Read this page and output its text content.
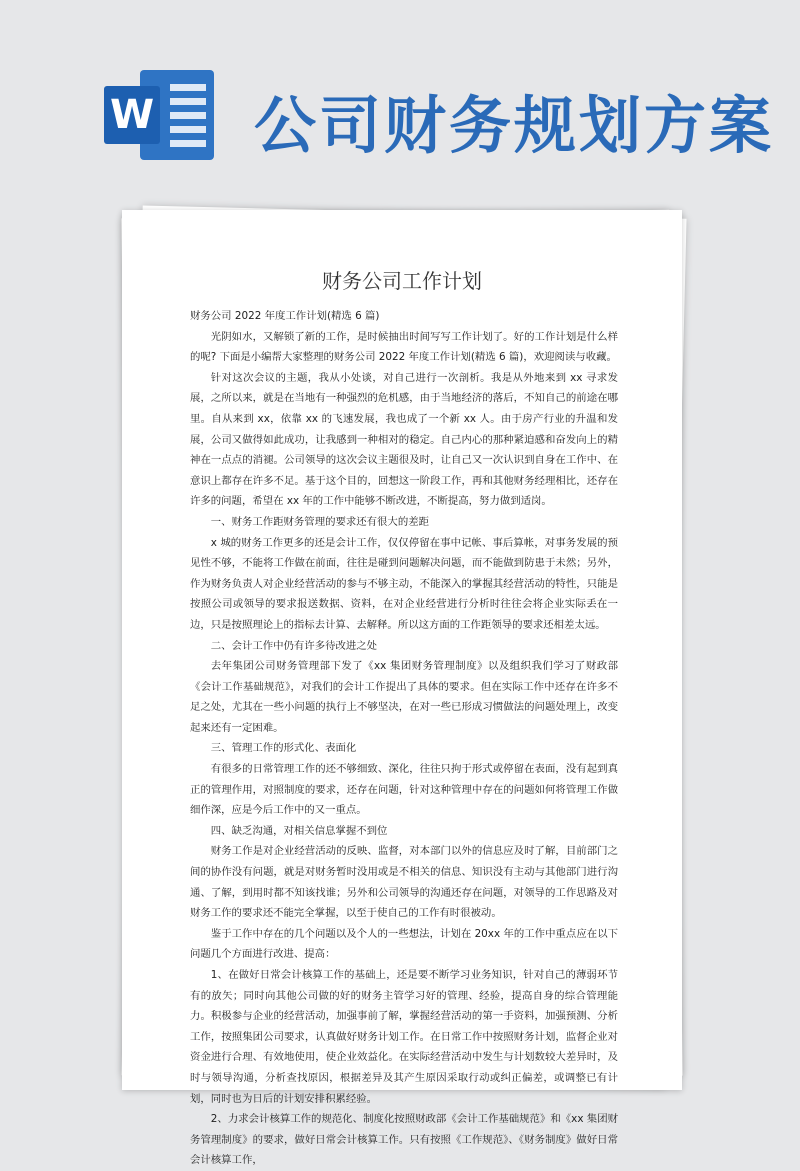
W 公司财务规划方案
财务公司工作计划

财务公司 2022 年度工作计划(精选 6 篇)

光阴如水，又解锁了新的工作，是时候抽出时间写写工作计划了。好的工作计划是什么样的呢? 下面是小编帮大家整理的财务公司 2022 年度工作计划(精选 6 篇)，欢迎阅读与收藏。

针对这次会议的主题，我从小处谈，对自己进行一次剖析。我是从外地来到 xx 寻求发展，之所以来，就是在当地有一种强烈的危机感，由于当地经济的落后，不知自己的前途在哪里。自从来到 xx，依靠 xx 的飞速发展，我也成了一个新 xx 人。由于房产行业的升温和发展，公司又做得如此成功，让我感到一种相对的稳定。自己内心的那种紧迫感和奋发向上的精神在一点点的消褪。公司领导的这次会议主题很及时，让自己又一次认识到自身在工作中、在意识上都存在许多不足。基于这个目的，回想这一阶段工作，再和其他财务经理相比，还存在许多的问题，希望在 xx 年的工作中能够不断改进，不断提高，努力做到适岗。

一、财务工作距财务管理的要求还有很大的差距

x 城的财务工作更多的还是会计工作，仅仅停留在事中记帐、事后算帐，对事务发展的预见性不够，不能将工作做在前面，往往是碰到问题解决问题，而不能做到防患于未然；另外，作为财务负责人对企业经营活动的参与不够主动，不能深入的掌握其经营活动的特性，只能是按照公司或领导的要求报送数据、资料，在对企业经营进行分析时往往会将企业实际丢在一边，只是按照理论上的指标去计算、去解释。所以这方面的工作距领导的要求还相差太远。

二、会计工作中仍有许多待改进之处

去年集团公司财务管理部下发了《xx 集团财务管理制度》以及组织我们学习了财政部《会计工作基础规范》，对我们的会计工作提出了具体的要求。但在实际工作中还存在许多不足之处，尤其在一些小问题的执行上不够坚决，在对一些已形成习惯做法的问题处理上，改变起来还有一定困难。

三、管理工作的形式化、表面化

有很多的日常管理工作的还不够细致、深化，往往只拘于形式或停留在表面，没有起到真正的管理作用，对照制度的要求，还存在问题，针对这种管理中存在的问题如何将管理工作做细作深，应是今后工作中的又一重点。

四、缺乏沟通，对相关信息掌握不到位

财务工作是对企业经营活动的反映、监督，对本部门以外的信息应及时了解，目前部门之间的协作没有问题，就是对财务暂时没用或是不相关的信息、知识没有主动与其他部门进行沟通、了解，到用时都不知该找谁；另外和公司领导的沟通还存在问题，对领导的工作思路及对财务工作的要求还不能完全掌握，以至于使自己的工作有时很被动。

鉴于工作中存在的几个问题以及个人的一些想法，计划在 20xx 年的工作中重点应在以下问题几个方面进行改进、提高：

1、在做好日常会计核算工作的基础上，还是要不断学习业务知识，针对自己的薄弱环节有的放矢；同时向其他公司做的好的财务主管学习好的管理、经验，提高自身的综合管理能力。积极参与企业的经营活动，加强事前了解，掌握经营活动的第一手资料，加强预测、分析工作，按照集团公司要求，认真做好财务计划工作。在日常工作中按照财务计划，监督企业对资金进行合理、有效地使用，使企业效益化。在实际经营活动中发生与计划数较大差异时，及时与领导沟通，分析查找原因，根据差异及其产生原因采取行动或纠正偏差，或调整已有计划，同时也为日后的计划安排积累经验。

2、力求会计核算工作的规范化、制度化按照财政部《会计工作基础规范》和《xx 集团财务管理制度》的要求，做好日常会计核算工作。只有按照《工作规范》、《财务制度》做好日常会计核算工作，
